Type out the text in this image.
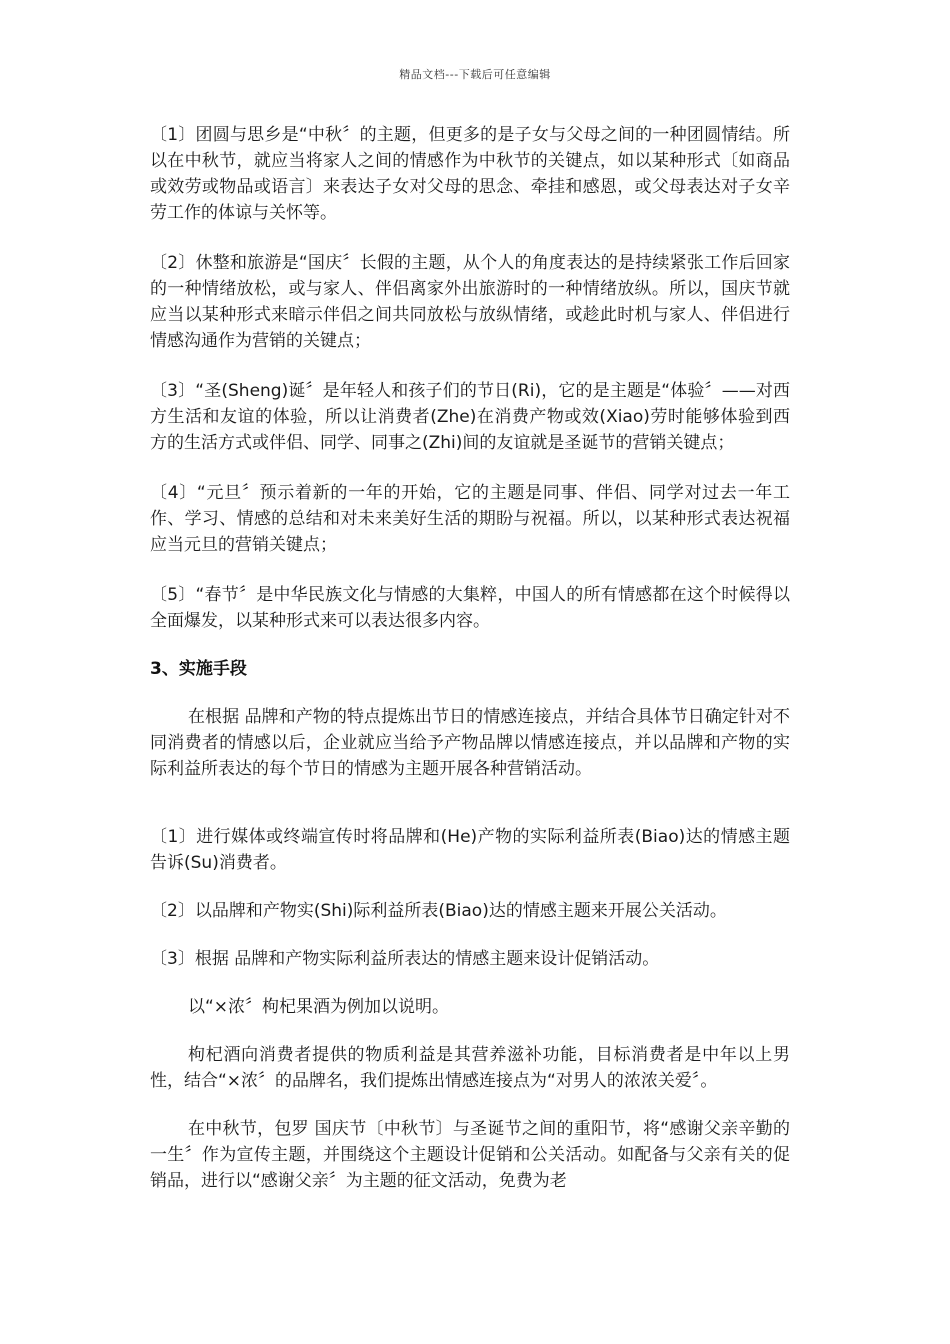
精品文档---下载后可任意编辑

〔1〕团圆与思乡是“中秋〞的主题，但更多的是子女与父母之间的一种团圆情结。所以在中秋节，就应当将家人之间的情感作为中秋节的关键点，如以某种形式〔如商品或效劳或物品或语言〕来表达子女对父母的思念、牵挂和感恩，或父母表达对子女辛劳工作的体谅与关怀等。

〔2〕休整和旅游是“国庆〞长假的主题，从个人的角度表达的是持续紧张工作后回家的一种情绪放松，或与家人、伴侣离家外出旅游时的一种情绪放纵。所以，国庆节就应当以某种形式来暗示伴侣之间共同放松与放纵情绪，或趁此时机与家人、伴侣进行情感沟通作为营销的关键点；

〔3〕“圣(Sheng)诞〞是年轻人和孩子们的节日(Ri)，它的是主题是“体验〞——对西方生活和友谊的体验，所以让消费者(Zhe)在消费产物或效(Xiao)劳时能够体验到西方的生活方式或伴侣、同学、同事之(Zhi)间的友谊就是圣诞节的营销关键点；

〔4〕“元旦〞预示着新的一年的开始，它的主题是同事、伴侣、同学对过去一年工作、学习、情感的总结和对未来美好生活的期盼与祝福。所以，以某种形式表达祝福应当元旦的营销关键点；

〔5〕“春节〞是中华民族文化与情感的大集粹，中国人的所有情感都在这个时候得以全面爆发，以某种形式来可以表达很多内容。

3、实施手段

在根据 品牌和产物的特点提炼出节日的情感连接点，并结合具体节日确定针对不同消费者的情感以后，企业就应当给予产物品牌以情感连接点，并以品牌和产物的实际利益所表达的每个节日的情感为主题开展各种营销活动。

〔1〕进行媒体或终端宣传时将品牌和(He)产物的实际利益所表(Biao)达的情感主题告诉(Su)消费者。

〔2〕以品牌和产物实(Shi)际利益所表(Biao)达的情感主题来开展公关活动。

〔3〕根据 品牌和产物实际利益所表达的情感主题来设计促销活动。

以“×浓〞枸杞果酒为例加以说明。

枸杞酒向消费者提供的物质利益是其营养滋补功能，目标消费者是中年以上男性，结合“×浓〞的品牌名，我们提炼出情感连接点为“对男人的浓浓关爱〞。

在中秋节，包罗 国庆节〔中秋节〕与圣诞节之间的重阳节，将“感谢父亲辛勤的一生〞作为宣传主题，并围绕这个主题设计促销和公关活动。如配备与父亲有关的促销品，进行以“感谢父亲〞为主题的征文活动，免费为老
